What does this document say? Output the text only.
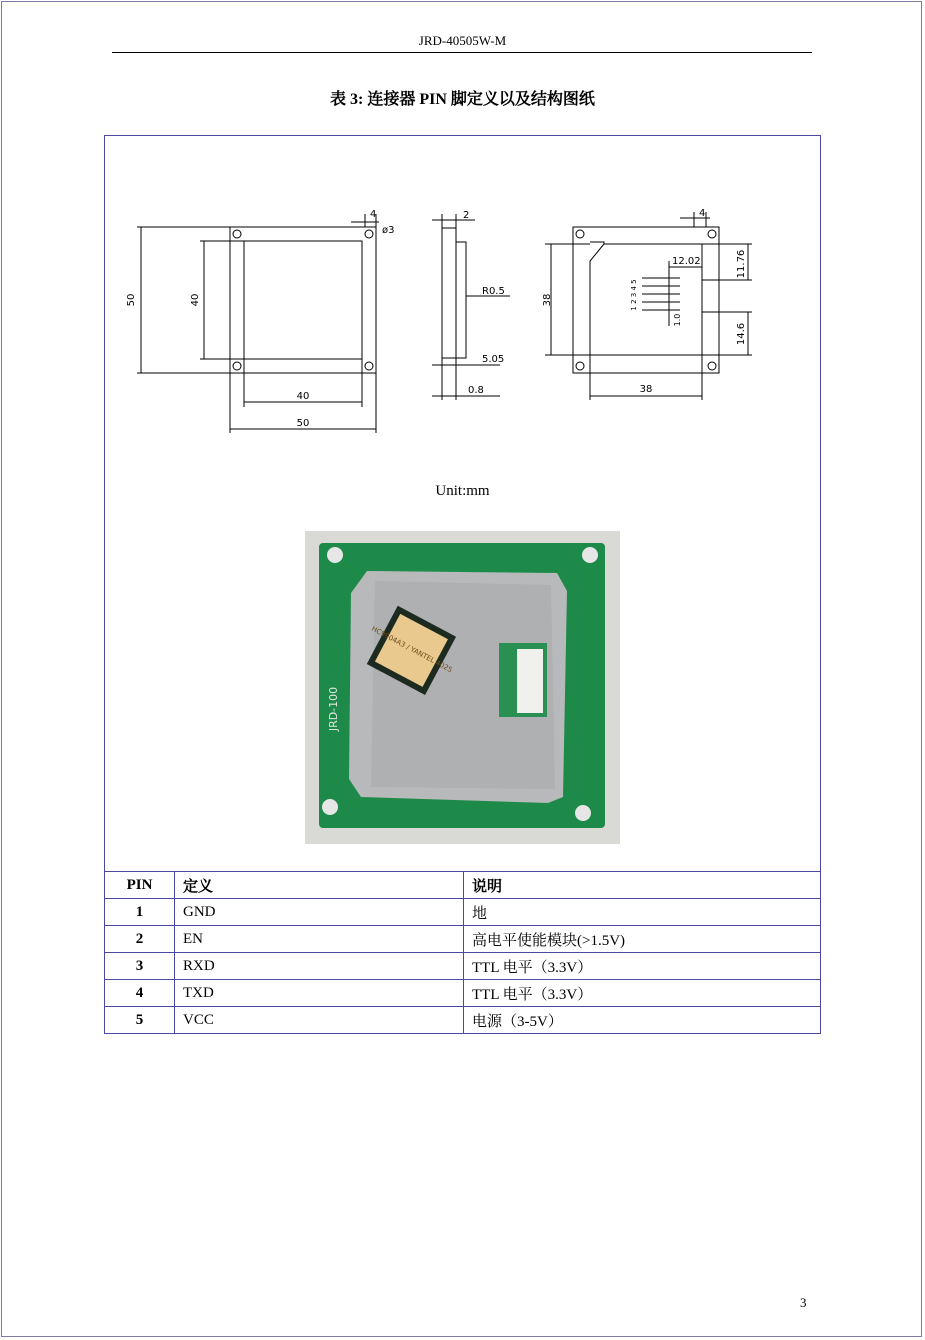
JRD-40505W-M
表 3: 连接器 PIN 脚定义以及结构图纸
50	40
4
ø3
40
50
2
R0.5
5.05
0.8
38
4
12.02	11.76
14.6
1.0
38
1 2 3 4 5
Unit:mm
HC9904A3 / YANTEL 4025
JRD-100
PIN	定义	说明
1	GND	地
2	EN	高电平使能模块(>1.5V)
3	RXD	TTL 电平（3.3V）
4	TXD	TTL 电平（3.3V）
5	VCC	电源（3-5V）
3
